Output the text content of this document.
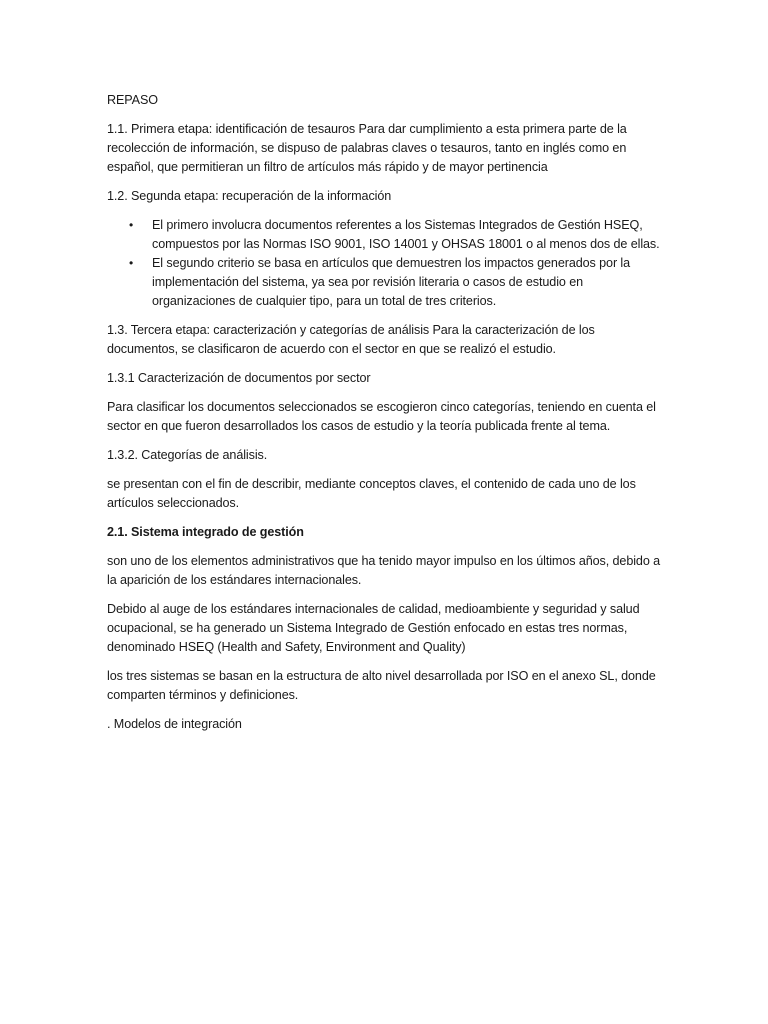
REPASO

1.1. Primera etapa: identificación de tesauros Para dar cumplimiento a esta primera parte de la recolección de información, se dispuso de palabras claves o tesauros, tanto en inglés como en español, que permitieran un filtro de artículos más rápido y de mayor pertinencia

1.2. Segunda etapa: recuperación de la información

• El primero involucra documentos referentes a los Sistemas Integrados de Gestión HSEQ, compuestos por las Normas ISO 9001, ISO 14001 y OHSAS 18001 o al menos dos de ellas.
• El segundo criterio se basa en artículos que demuestren los impactos generados por la implementación del sistema, ya sea por revisión literaria o casos de estudio en organizaciones de cualquier tipo, para un total de tres criterios.

1.3. Tercera etapa: caracterización y categorías de análisis Para la caracterización de los documentos, se clasificaron de acuerdo con el sector en que se realizó el estudio.

1.3.1 Caracterización de documentos por sector

Para clasificar los documentos seleccionados se escogieron cinco categorías, teniendo en cuenta el sector en que fueron desarrollados los casos de estudio y la teoría publicada frente al tema.

1.3.2. Categorías de análisis.

se presentan con el fin de describir, mediante conceptos claves, el contenido de cada uno de los artículos seleccionados.

2.1. Sistema integrado de gestión

son uno de los elementos administrativos que ha tenido mayor impulso en los últimos años, debido a la aparición de los estándares internacionales.

Debido al auge de los estándares internacionales de calidad, medioambiente y seguridad y salud ocupacional, se ha generado un Sistema Integrado de Gestión enfocado en estas tres normas, denominado HSEQ (Health and Safety, Environment and Quality)

los tres sistemas se basan en la estructura de alto nivel desarrollada por ISO en el anexo SL, donde comparten términos y definiciones.

. Modelos de integración
